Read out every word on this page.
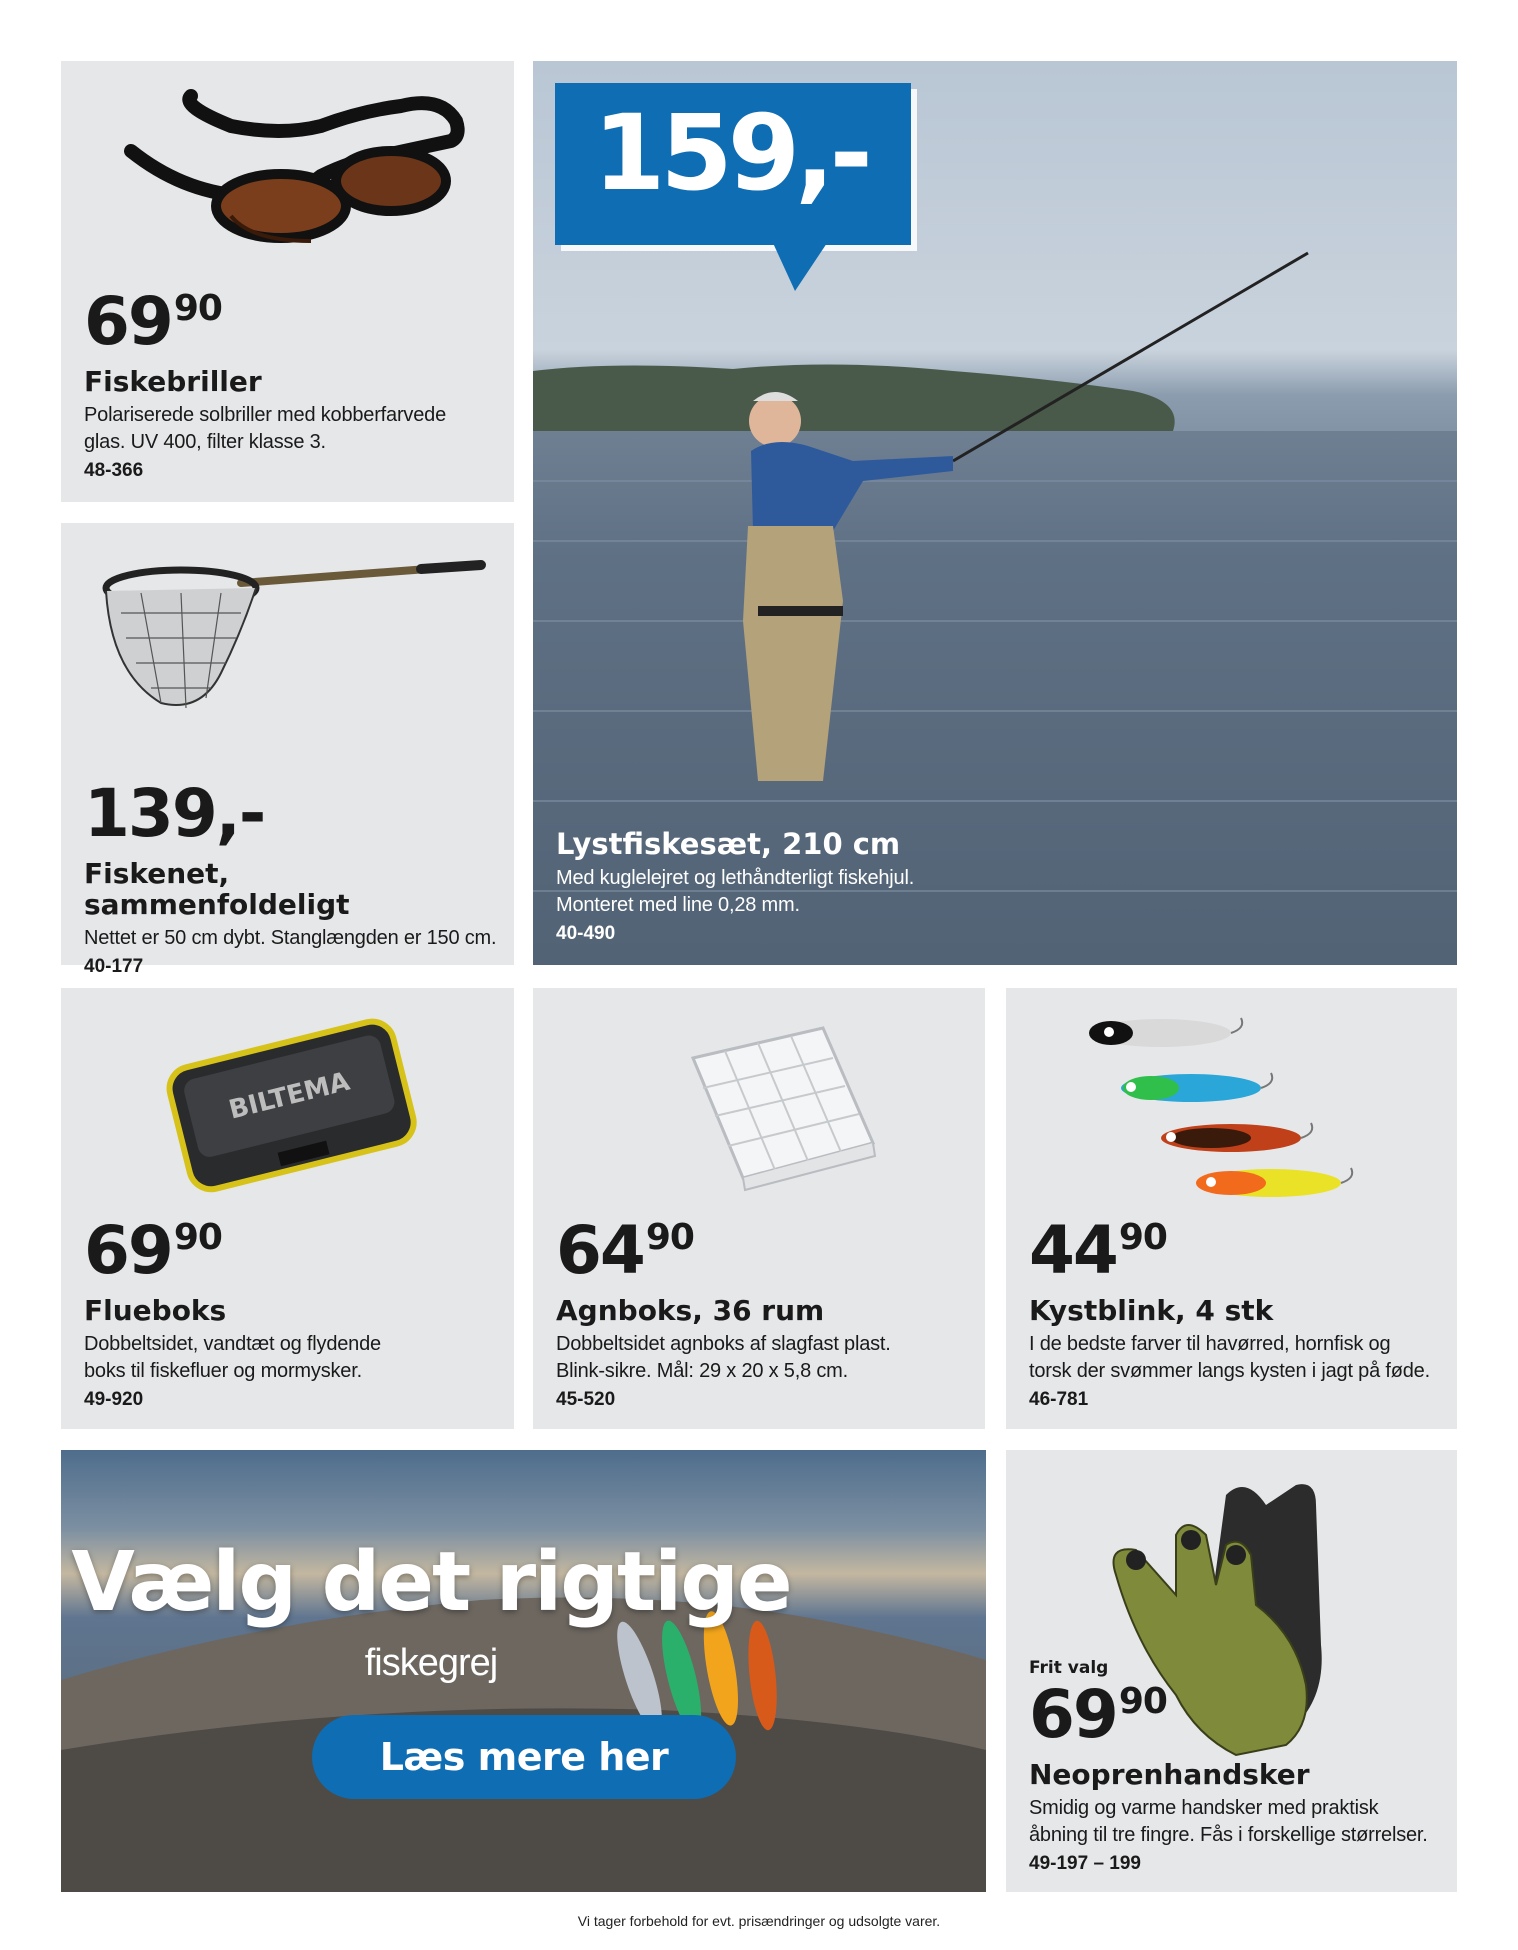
6990
Fiskebriller
Polariserede solbriller med kobberfarvede
glas. UV 400, filter klasse 3.
48-366
139,-
Fiskenet, sammenfoldeligt
Nettet er 50 cm dybt. Stanglængden er 150 cm.
40-177
159,-
Lystfiskesæt, 210 cm
Med kuglelejret og lethåndterligt fiskehjul.
Monteret med line 0,28 mm.
40-490
BILTEMA
6990
Flueboks
Dobbeltsidet, vandtæt og flydende
boks til fiskefluer og mormysker.
49-920
6490
Agnboks, 36 rum
Dobbeltsidet agnboks af slagfast plast.
Blink-sikre. Mål: 29 x 20 x 5,8 cm.
45-520
4490
Kystblink, 4 stk
I de bedste farver til havørred, hornfisk og
torsk der svømmer langs kysten i jagt på føde.
46-781
Vælg det rigtige
fiskegrej
Læs mere her
Frit valg
6990
Neoprenhandsker
Smidig og varme handsker med praktisk
åbning til tre fingre. Fås i forskellige størrelser.
49-197 – 199
Vi tager forbehold for evt. prisændringer og udsolgte varer.
